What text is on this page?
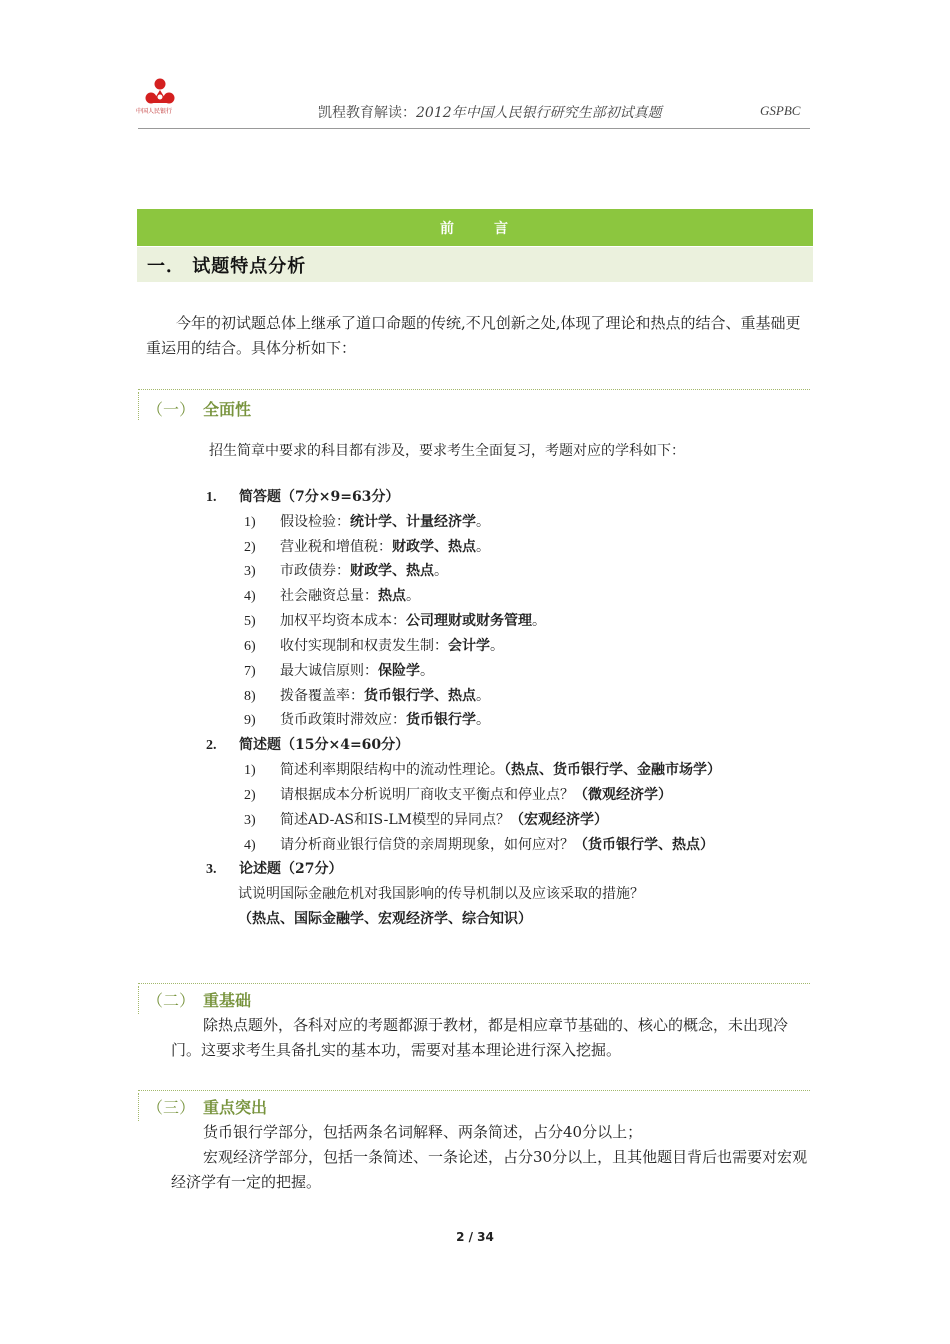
中国人民银行	凯程教育解读：2012年中国人民银行研究生部初试真题	GSPBC
前	言
一． 试题特点分析
今年的初试题总体上继承了道口命题的传统,不凡创新之处,体现了理论和热点的结合、重基础更重运用的结合。具体分析如下：
（一） 全面性
招生简章中要求的科目都有涉及，要求考生全面复习，考题对应的学科如下：
1. 简答题（7分×9=63分）
1) 假设检验：统计学、计量经济学。
2) 营业税和增值税：财政学、热点。
3) 市政债券：财政学、热点。
4) 社会融资总量：热点。
5) 加权平均资本成本：公司理财或财务管理。
6) 收付实现制和权责发生制：会计学。
7) 最大诚信原则：保险学。
8) 拨备覆盖率：货币银行学、热点。
9) 货币政策时滞效应：货币银行学。
2. 简述题（15分×4=60分）
1) 简述利率期限结构中的流动性理论。（热点、货币银行学、金融市场学）
2) 请根据成本分析说明厂商收支平衡点和停业点？（微观经济学）
3) 简述AD-AS和IS-LM模型的异同点？（宏观经济学）
4) 请分析商业银行信贷的亲周期现象，如何应对？（货币银行学、热点）
3. 论述题（27分）
试说明国际金融危机对我国影响的传导机制以及应该采取的措施？
（热点、国际金融学、宏观经济学、综合知识）
（二） 重基础
除热点题外，各科对应的考题都源于教材，都是相应章节基础的、核心的概念，未出现冷门。这要求考生具备扎实的基本功，需要对基本理论进行深入挖掘。
（三） 重点突出
货币银行学部分，包括两条名词解释、两条简述，占分40分以上；
宏观经济学部分，包括一条简述、一条论述，占分30分以上，且其他题目背后也需要对宏观经济学有一定的把握。
2 / 34
